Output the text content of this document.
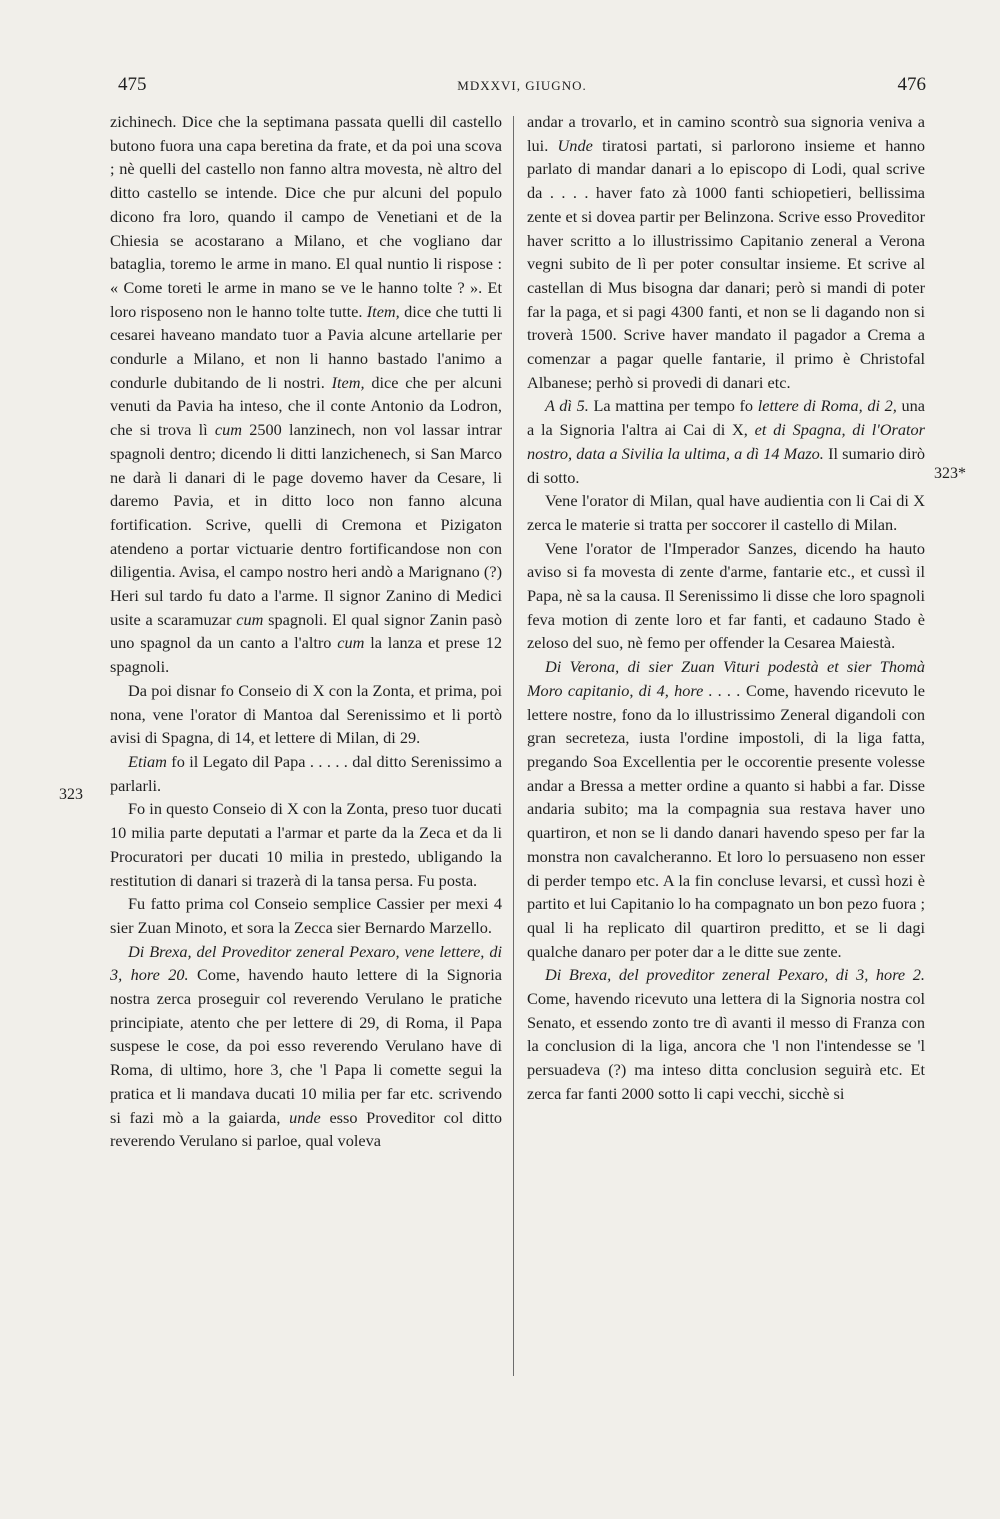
475	MDXXVI, GIUGNO.	476
323
323*

zichinech. Dice che la septimana passata quelli dil castello butono fuora una capa beretina da frate, et da poi una scova ; nè quelli del castello non fanno altra movesta, nè altro del ditto castello se intende. Dice che pur alcuni del populo dicono fra loro, quando il campo de Venetiani et de la Chiesia se acostarano a Milano, et che vogliano dar bataglia, toremo le arme in mano. El qual nuntio li rispose : « Come toreti le arme in mano se ve le hanno tolte ? ». Et loro risposeno non le hanno tolte tutte. Item, dice che tutti li cesarei haveano mandato tuor a Pavia alcune artellarie per condurle a Milano, et non li hanno bastado l'animo a condurle dubitando de li nostri. Item, dice che per alcuni venuti da Pavia ha inteso, che il conte Antonio da Lodron, che si trova lì cum 2500 lanzinech, non vol lassar intrar spagnoli dentro; dicendo li ditti lanzichenech, si San Marco ne darà li danari di le page dovemo haver da Cesare, li daremo Pavia, et in ditto loco non fanno alcuna fortification. Scrive, quelli di Cremona et Pizigaton atendeno a portar victuarie dentro fortificandose non con diligentia. Avisa, el campo nostro heri andò a Marignano (?) Heri sul tardo fu dato a l'arme. Il signor Zanino di Medici usite a scaramuzar cum spagnoli. El qual signor Zanin pasò uno spagnol da un canto a l'altro cum la lanza et prese 12 spagnoli.

Da poi disnar fo Conseio di X con la Zonta, et prima, poi nona, vene l'orator di Mantoa dal Serenissimo et li portò avisi di Spagna, di 14, et lettere di Milan, di 29.

Etiam fo il Legato dil Papa . . . . . dal ditto Serenissimo a parlarli.

Fo in questo Conseio di X con la Zonta, preso tuor ducati 10 milia parte deputati a l'armar et parte da la Zeca et da li Procuratori per ducati 10 milia in prestedo, ubligando la restitution di danari si trazerà di la tansa persa. Fu posta.

Fu fatto prima col Conseio semplice Cassier per mexi 4 sier Zuan Minoto, et sora la Zecca sier Bernardo Marzello.

Di Brexa, del Proveditor zeneral Pexaro, vene lettere, di 3, hore 20. Come, havendo hauto lettere di la Signoria nostra zerca proseguir col reverendo Verulano le pratiche principiate, atento che per lettere di 29, di Roma, il Papa suspese le cose, da poi esso reverendo Verulano have di Roma, di ultimo, hore 3, che 'l Papa li comette segui la pratica et li mandava ducati 10 milia per far etc. scrivendo si fazi mò a la gaiarda, unde esso Proveditor col ditto reverendo Verulano si parloe, qual voleva

andar a trovarlo, et in camino scontrò sua signoria veniva a lui. Unde tiratosi partati, si parlorono insieme et hanno parlato di mandar danari a lo episcopo di Lodi, qual scrive da . . . . haver fato zà 1000 fanti schiopetieri, bellissima zente et si dovea partir per Belinzona. Scrive esso Proveditor haver scritto a lo illustrissimo Capitanio zeneral a Verona vegni subito de lì per poter consultar insieme. Et scrive al castellan di Mus bisogna dar danari; però si mandi di poter far la paga, et si pagi 4300 fanti, et non se li dagando non si troverà 1500. Scrive haver mandato il pagador a Crema a comenzar a pagar quelle fantarie, il primo è Christofal Albanese; perhò si provedi di danari etc.

A dì 5. La mattina per tempo fo lettere di Roma, di 2, una a la Signoria l'altra ai Cai di X, et di Spagna, di l'Orator nostro, data a Sivilia la ultima, a dì 14 Mazo. Il sumario dirò di sotto.

Vene l'orator di Milan, qual have audientia con li Cai di X zerca le materie si tratta per soccorer il castello di Milan.

Vene l'orator de l'Imperador Sanzes, dicendo ha hauto aviso si fa movesta di zente d'arme, fantarie etc., et cussì il Papa, nè sa la causa. Il Serenissimo li disse che loro spagnoli feva motion di zente loro et far fanti, et cadauno Stado è zeloso del suo, nè femo per offender la Cesarea Maiestà.

Di Verona, di sier Zuan Vituri podestà et sier Thomà Moro capitanio, di 4, hore . . . . Come, havendo ricevuto le lettere nostre, fono da lo illustrissimo Zeneral digandoli con gran secreteza, iusta l'ordine impostoli, di la liga fatta, pregando Soa Excellentia per le occorentie presente volesse andar a Bressa a metter ordine a quanto si habbi a far. Disse andaria subito; ma la compagnia sua restava haver uno quartiron, et non se li dando danari havendo speso per far la monstra non cavalcheranno. Et loro lo persuaseno non esser di perder tempo etc. A la fin concluse levarsi, et cussì hozi è partito et lui Capitanio lo ha compagnato un bon pezo fuora ; qual li ha replicato dil quartiron preditto, et se li dagi qualche danaro per poter dar a le ditte sue zente.

Di Brexa, del proveditor zeneral Pexaro, di 3, hore 2. Come, havendo ricevuto una lettera di la Signoria nostra col Senato, et essendo zonto tre dì avanti il messo di Franza con la conclusion di la liga, ancora che 'l non l'intendesse se 'l persuadeva (?) ma inteso ditta conclusion seguirà etc. Et zerca far fanti 2000 sotto li capi vecchi, sicchè si
